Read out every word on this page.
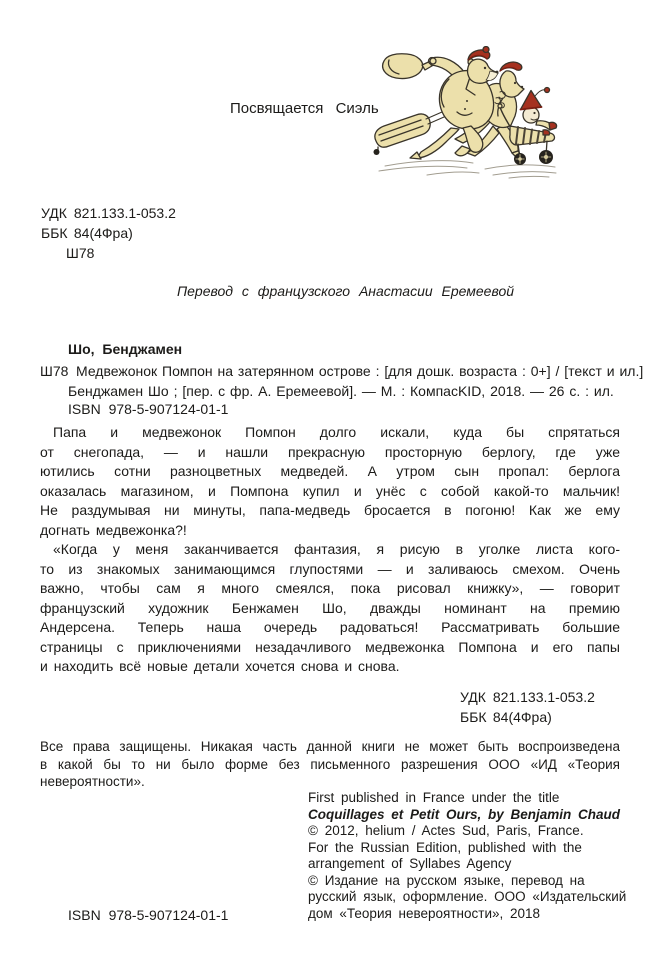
Посвящается Сиэль
УДК 821.133.1-053.2
ББК 84(4Фра)
Ш78
Перевод с французского Анастасии Еремеевой
Шо, Бенджамен
Ш78 Медвежонок Помпон на затерянном острове : [для дошк. возраста : 0+] / [текст и ил.]
Бенджамен Шо ; [пер. с фр. А. Еремеевой]. — М. : КомпасKID, 2018. — 26 с. : ил.
ISBN 978-5-907124-01-1
Папа и медвежонок Помпон долго искали, куда бы спрятаться
от снегопада, — и нашли прекрасную просторную берлогу, где уже
ютились сотни разноцветных медведей. А утром сын пропал: берлога
оказалась магазином, и Помпона купил и унёс с собой какой-то мальчик!
Не раздумывая ни минуты, папа-медведь бросается в погоню! Как же ему
догнать медвежонка?!
«Когда у меня заканчивается фантазия, я рисую в уголке листа кого-
то из знакомых занимающимся глупостями — и заливаюсь смехом. Очень
важно, чтобы сам я много смеялся, пока рисовал книжку», — говорит
французский художник Бенжамен Шо, дважды номинант на премию
Андерсена. Теперь наша очередь радоваться! Рассматривать большие
страницы с приключениями незадачливого медвежонка Помпона и его папы
и находить всё новые детали хочется снова и снова.
УДК 821.133.1-053.2
ББК 84(4Фра)
Все права защищены. Никакая часть данной книги не может быть воспроизведена
в какой бы то ни было форме без письменного разрешения ООО «ИД «Теория
невероятности».
First published in France under the title
Coquillages et Petit Ours, by Benjamin Chaud
© 2012, helium / Actes Sud, Paris, France.
For the Russian Edition, published with the
arrangement of Syllabes Agency
© Издание на русском языке, перевод на
русский язык, оформление. ООО «Издательский
дом «Теория невероятности», 2018
ISBN 978-5-907124-01-1
